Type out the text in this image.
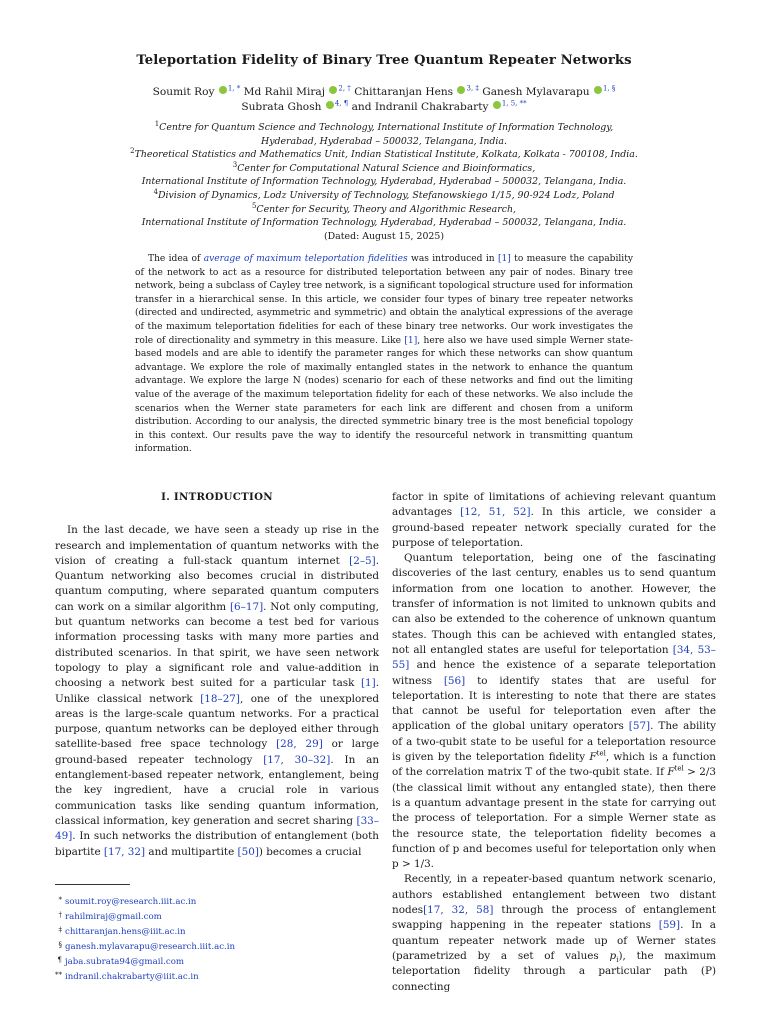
Teleportation Fidelity of Binary Tree Quantum Repeater Networks
Soumit Roy $^{1, *}$ Md Rahil Miraj $^{2, \dagger}$ Chittaranjan Hens $^{3, \ddagger}$ Ganesh Mylavarapu $^{1, \S}$ Subrata Ghosh $^{4, \P}$ and Indranil Chakrabarty $^{1, 5, **}$
$^1$Centre for Quantum Science and Technology, International Institute of Information Technology,
Hyderabad, Hyderabad – 500032, Telangana, India.
$^2$Theoretical Statistics and Mathematics Unit, Indian Statistical Institute, Kolkata, Kolkata - 700108, India.
$^3$Center for Computational Natural Science and Bioinformatics,
International Institute of Information Technology, Hyderabad, Hyderabad – 500032, Telangana, India.
$^4$Division of Dynamics, Lodz University of Technology, Stefanowskiego 1/15, 90-924 Lodz, Poland
$^5$Center for Security, Theory and Algorithmic Research,
International Institute of Information Technology, Hyderabad, Hyderabad – 500032, Telangana, India.
(Dated: August 15, 2025)
The idea of average of maximum teleportation fidelities was introduced in [1] to measure the capability of the network to act as a resource for distributed teleportation between any pair of nodes. Binary tree network, being a subclass of Cayley tree network, is a significant topological structure used for information transfer in a hierarchical sense. In this article, we consider four types of binary tree repeater networks (directed and undirected, asymmetric and symmetric) and obtain the analytical expressions of the average of the maximum teleportation fidelities for each of these binary tree networks. Our work investigates the role of directionality and symmetry in this measure. Like [1], here also we have used simple Werner state-based models and are able to identify the parameter ranges for which these networks can show quantum advantage. We explore the role of maximally entangled states in the network to enhance the quantum advantage. We explore the large N (nodes) scenario for each of these networks and find out the limiting value of the average of the maximum teleportation fidelity for each of these networks. We also include the scenarios when the Werner state parameters for each link are different and chosen from a uniform distribution. According to our analysis, the directed symmetric binary tree is the most beneficial topology in this context. Our results pave the way to identify the resourceful network in transmitting quantum information.
I. INTRODUCTION

In the last decade, we have seen a steady up rise in the research and implementation of quantum networks with the vision of creating a full-stack quantum internet [2–5]. Quantum networking also becomes crucial in distributed quantum computing, where separated quantum computers can work on a similar algorithm [6–17]. Not only computing, but quantum networks can become a test bed for various information processing tasks with many more parties and distributed scenarios. In that spirit, we have seen network topology to play a significant role and value-addition in choosing a network best suited for a particular task [1]. Unlike classical network [18–27], one of the unexplored areas is the large-scale quantum networks. For a practical purpose, quantum networks can be deployed either through satellite-based free space technology [28, 29] or large ground-based repeater technology [17, 30–32]. In an entanglement-based repeater network, entanglement, being the key ingredient, have a crucial role in various communication tasks like sending quantum information, classical information, key generation and secret sharing [33–49]. In such networks the distribution of entanglement (both bipartite [17, 32] and multipartite [50]) becomes a crucial

factor in spite of limitations of achieving relevant quantum advantages [12, 51, 52]. In this article, we consider a ground-based repeater network specially curated for the purpose of teleportation.

Quantum teleportation, being one of the fascinating discoveries of the last century, enables us to send quantum information from one location to another. However, the transfer of information is not limited to unknown qubits and can also be extended to the coherence of unknown quantum states. Though this can be achieved with entangled states, not all entangled states are useful for teleportation [34, 53–55] and hence the existence of a separate teleportation witness [56] to identify states that are useful for teleportation. It is interesting to note that there are states that cannot be useful for teleportation even after the application of the global unitary operators [57]. The ability of a two-qubit state to be useful for a teleportation resource is given by the teleportation fidelity $F^{tel}$, which is a function of the correlation matrix T of the two-qubit state. If $F^{tel} > 2/3$ (the classical limit without any entangled state), then there is a quantum advantage present in the state for carrying out the process of teleportation. For a simple Werner state as the resource state, the teleportation fidelity becomes a function of p and becomes useful for teleportation only when p > 1/3.

Recently, in a repeater-based quantum network scenario, authors established entanglement between two distant nodes[17, 32, 58] through the process of entanglement swapping happening in the repeater stations [59]. In a quantum repeater network made up of Werner states (parametrized by a set of values $p_i$), the maximum teleportation fidelity through a particular path (P) connecting

* soumit.roy@research.iiit.ac.in
† rahilmiraj@gmail.com
‡ chittaranjan.hens@iiit.ac.in
§ ganesh.mylavarapu@research.iiit.ac.in
¶ jaba.subrata94@gmail.com
** indranil.chakrabarty@iiit.ac.in
